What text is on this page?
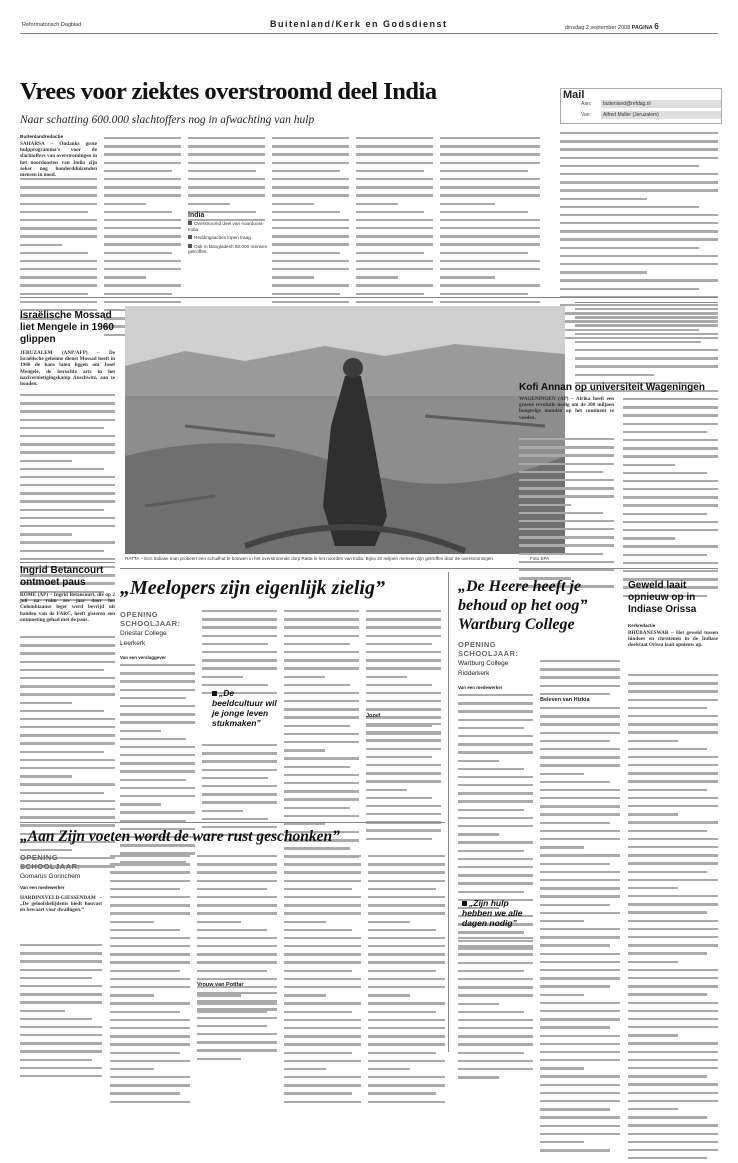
Reformatorisch Dagblad	Buitenland/Kerk en Godsdienst	dinsdag 2 september 2008 PAGINA 6
Vrees voor ziektes overstroomd deel India
Naar schatting 600.000 slachtoffers nog in afwachting van hulp
Mail
Aan:	buitenland@refdag.nl
Van:	Alfred Muller (Jeruzalem)
Buitenlandredactie
SAHARSA – Ondanks grote hulpprogramma's voor de slachtoffers van overstromingen in het noordoosten van India zijn zeker nog honderdduizenden mensen in nood.
India
Overstroomd deel van noordoost-India.
Reddingsacties lopen traag.
Ook in Bangladesh 50.000 mensen getroffen.
Israëlische Mossad liet Mengele in 1960 glippen
JERUZALEM (ANP/AFP) – De Israëlische geheime dienst Mossad heeft in 1960 de kans laten liggen om Josef Mengele, de beruchte arts in het nazivernietigingskamp Auschwitz, aan te houden.
Ingrid Betancourt ontmoet paus
ROME (AP) – Ingrid Betancourt, die op 2 juli na ruim zes jaar door het Colombiaanse leger werd bevrijd uit handen van de FARC, heeft gisteren een ontmoeting gehad met de paus.
RATTA – Een Indiase man probeert een schuilhut te bouwen in het overstroomde dorp Ratta in het noorden van India. Bijna 20 miljoen mensen zijn getroffen door de overstromingen.	Foto EPA
Kofi Annan op universiteit Wageningen
WAGENINGEN (AP) – Afrika heeft een groene revolutie nodig om de 300 miljoen hongerige monden op het continent te voeden.
„Meelopers zijn eigenlijk zielig”
OPENING SCHOOLJAAR:
Driestar College
Leerkerk
Van een verslaggever
„De beeldcultuur wil je jonge leven stukmaken”
Jozef
„De Heere heeft je behoud op het oog” Wartburg College
OPENING SCHOOLJAAR:
Wartburg College
Ridderkerk
Van een medewerker
„Zijn hulp hebben we alle dagen nodig”
Beleven van Hizkia
Geweld laait opnieuw op in Indiase Orissa
Kerkredactie
BHUBANESWAR – Het geweld tussen hindoes en christenen in de Indiase deelstaat Orissa laait opnieuw op.
„Aan Zijn voeten wordt de ware rust geschonken”
OPENING SCHOOLJAAR:
Gomarus Gorinchem
Van een medewerker
HARDINXVELD-GIESSENDAM – „De geloofsbelijdenis biedt houvast en bewaart voor dwalingen.”
Vrouw van Potifar
